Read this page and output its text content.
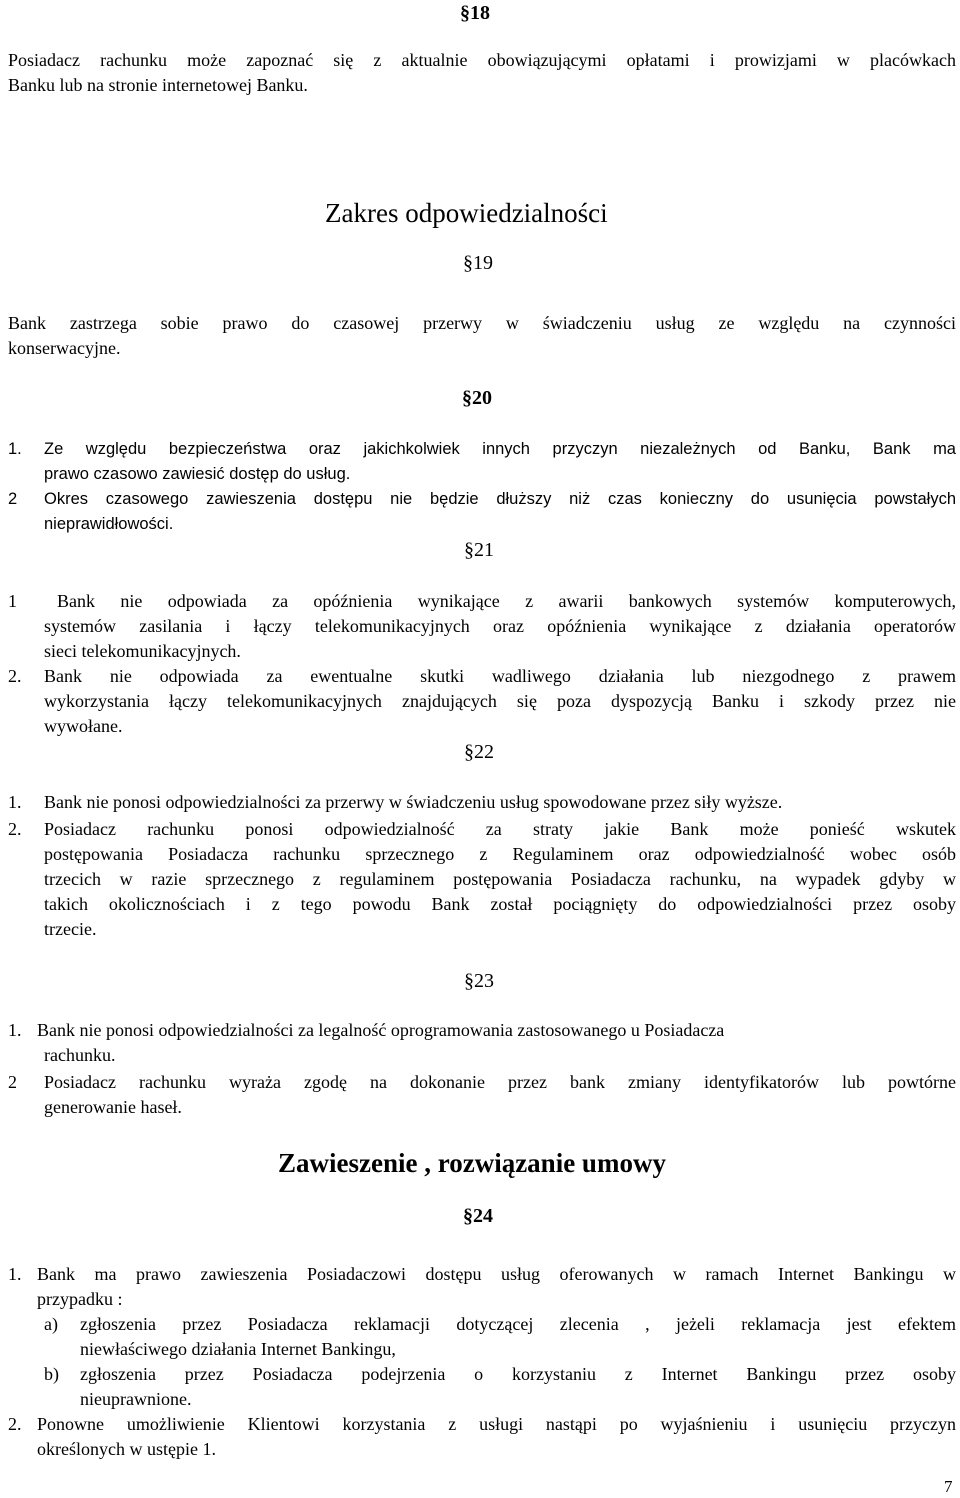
§18
Posiadacz rachunku może zapoznać się z aktualnie obowiązującymi opłatami i prowizjami w placówkach
Banku lub na stronie internetowej Banku.
Zakres odpowiedzialności
§19
Bank zastrzega sobie prawo do czasowej przerwy w świadczeniu usług ze względu na czynności
konserwacyjne.
§20
1. Ze względu bezpieczeństwa oraz jakichkolwiek innych przyczyn niezależnych od Banku, Bank ma
prawo czasowo zawiesić dostęp do usług.
2 Okres czasowego zawieszenia dostępu nie będzie dłuższy niż czas konieczny do usunięcia powstałych
nieprawidłowości.
§21
1 Bank nie odpowiada za opóźnienia wynikające z awarii bankowych systemów komputerowych,
systemów zasilania i łączy telekomunikacyjnych oraz opóźnienia wynikające z działania operatorów
sieci telekomunikacyjnych.
2. Bank nie odpowiada za ewentualne skutki wadliwego działania lub niezgodnego z prawem
wykorzystania łączy telekomunikacyjnych znajdujących się poza dyspozycją Banku i szkody przez nie
wywołane.
§22
1. Bank nie ponosi odpowiedzialności za przerwy w świadczeniu usług spowodowane przez siły wyższe.
2. Posiadacz rachunku ponosi odpowiedzialność za straty jakie Bank może ponieść wskutek
postępowania Posiadacza rachunku sprzecznego z Regulaminem oraz odpowiedzialność wobec osób
trzecich w razie sprzecznego z regulaminem postępowania Posiadacza rachunku, na wypadek gdyby w
takich okolicznościach i z tego powodu Bank został pociągnięty do odpowiedzialności przez osoby
trzecie.
§23
1. Bank nie ponosi odpowiedzialności za legalność oprogramowania zastosowanego u Posiadacza
rachunku.
2 Posiadacz rachunku wyraża zgodę na dokonanie przez bank zmiany identyfikatorów lub powtórne
generowanie haseł.
Zawieszenie , rozwiązanie umowy
§24
1. Bank ma prawo zawieszenia Posiadaczowi dostępu usług oferowanych w ramach Internet Bankingu w
przypadku :
a) zgłoszenia przez Posiadacza reklamacji dotyczącej zlecenia , jeżeli reklamacja jest efektem
niewłaściwego działania Internet Bankingu,
b) zgłoszenia przez Posiadacza podejrzenia o korzystaniu z Internet Bankingu przez osoby
nieuprawnione.
2. Ponowne umożliwienie Klientowi korzystania z usługi nastąpi po wyjaśnieniu i usunięciu przyczyn
określonych w ustępie 1.
7
